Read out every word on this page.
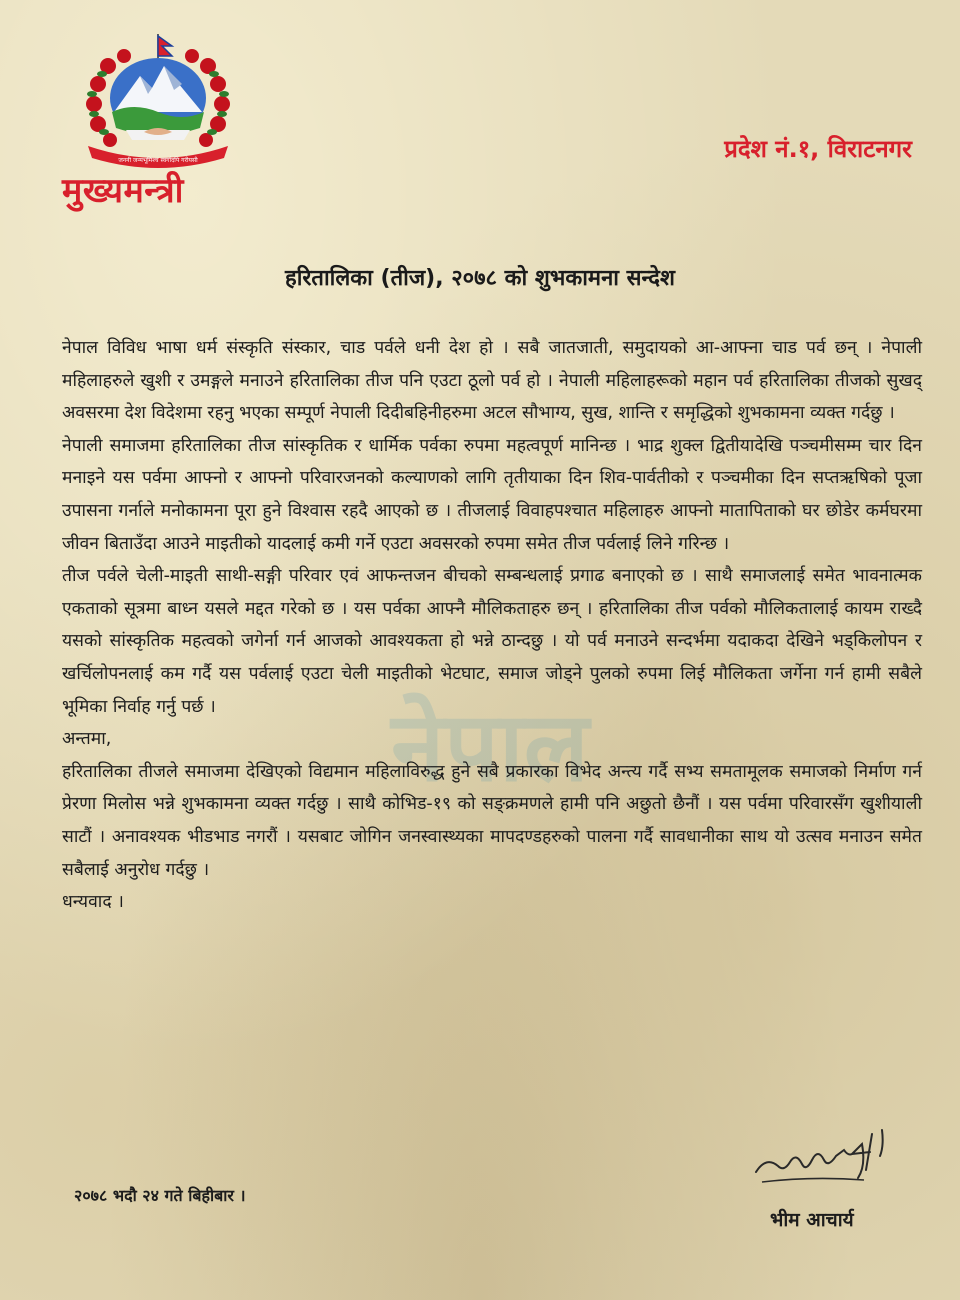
जननी जन्मभूमिश्च स्वर्गादपि गरीयसी
मुख्यमन्त्री
प्रदेश नं.१, विराटनगर
हरितालिका (तीज), २०७८ को शुभकामना सन्देश
नेपाल

नेपाल विविध भाषा धर्म संस्कृति संस्कार, चाड पर्वले धनी देश हो । सबै जातजाती, समुदायको आ-आफ्ना चाड पर्व छन् । नेपाली महिलाहरुले खुशी र उमङ्गले मनाउने हरितालिका तीज पनि एउटा ठूलो पर्व हो । नेपाली महिलाहरूको महान पर्व हरितालिका तीजको सुखद् अवसरमा देश विदेशमा रहनु भएका सम्पूर्ण नेपाली दिदीबहिनीहरुमा अटल सौभाग्य, सुख, शान्ति र समृद्धिको शुभकामना व्यक्त गर्दछु ।

नेपाली समाजमा हरितालिका तीज सांस्कृतिक र धार्मिक पर्वका रुपमा महत्वपूर्ण मानिन्छ । भाद्र शुक्ल द्वितीयादेखि पञ्चमीसम्म चार दिन मनाइने यस पर्वमा आफ्नो र आफ्नो परिवारजनको कल्याणको लागि तृतीयाका दिन शिव-पार्वतीको र पञ्चमीका दिन सप्तऋषिको पूजा उपासना गर्नाले मनोकामना पूरा हुने विश्वास रहदै आएको छ । तीजलाई विवाहपश्चात महिलाहरु आफ्नो मातापिताको घर छोडेर कर्मघरमा जीवन बिताउँदा आउने माइतीको यादलाई कमी गर्ने एउटा अवसरको रुपमा समेत तीज पर्वलाई लिने गरिन्छ ।

तीज पर्वले चेली-माइती साथी-सङ्गी परिवार एवं आफन्तजन बीचको सम्बन्धलाई प्रगाढ बनाएको छ । साथै समाजलाई समेत भावनात्मक एकताको सूत्रमा बाध्न यसले मद्दत गरेको छ । यस पर्वका आफ्नै मौलिकताहरु छन् । हरितालिका तीज पर्वको मौलिकतालाई कायम राख्दै यसको सांस्कृतिक महत्वको जगेर्ना गर्न आजको आवश्यकता हो भन्ने ठान्दछु । यो पर्व मनाउने सन्दर्भमा यदाकदा देखिने भड्किलोपन र खर्चिलोपनलाई कम गर्दै यस पर्वलाई एउटा चेली माइतीको भेटघाट, समाज जोड्ने पुलको रुपमा लिई मौलिकता जर्गेना गर्न हामी सबैले भूमिका निर्वाह गर्नु पर्छ ।

अन्तमा,

हरितालिका तीजले समाजमा देखिएको विद्यमान महिलाविरुद्ध हुने सबै प्रकारका विभेद अन्त्य गर्दै सभ्य समतामूलक समाजको निर्माण गर्न प्रेरणा मिलोस भन्ने शुभकामना व्यक्त गर्दछु । साथै कोभिड-१९ को सङ्क्रमणले हामी पनि अछुतो छैनौं । यस पर्वमा परिवारसँग खुशीयाली साटौं । अनावश्यक भीडभाड नगरौं । यसबाट जोगिन जनस्वास्थ्यका मापदण्डहरुको पालना गर्दै सावधानीका साथ यो उत्सव मनाउन समेत सबैलाई अनुरोध गर्दछु ।

धन्यवाद ।

२०७८ भदौ २४ गते बिहीबार ।
भीम आचार्य
